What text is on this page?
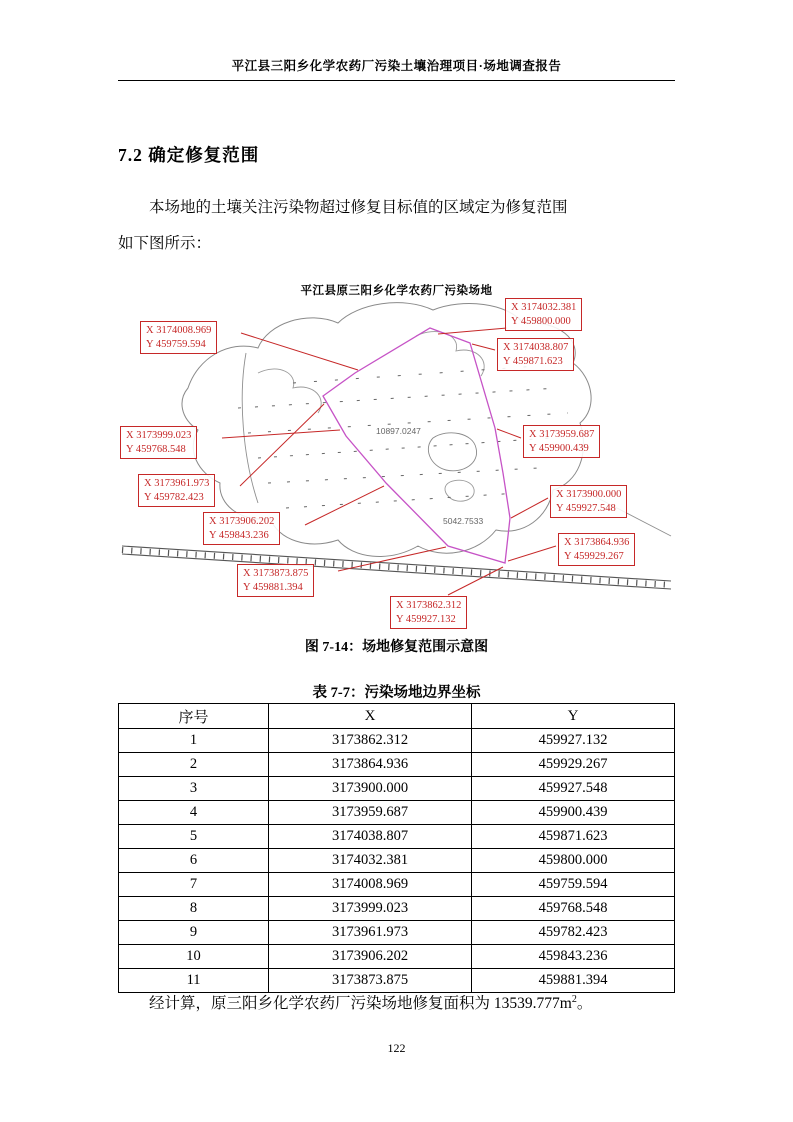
平江县三阳乡化学农药厂污染土壤治理项目·场地调查报告
7.2 确定修复范围
本场地的土壤关注污染物超过修复目标值的区域定为修复范围
如下图所示：
平江县原三阳乡化学农药厂污染场地
X 3174032.381
Y 459800.000
X 3174008.969
Y 459759.594	X 3174038.807
Y 459871.623
X 3173999.023
Y 459768.548
X 3173959.687
Y 459900.439
X 3173961.973
Y 459782.423	X 3173900.000
Y 459927.548
X 3173906.202
Y 459843.236
X 3173864.936
Y 459929.267
X 3173873.875
Y 459881.394
X 3173862.312
Y 459927.132
10897.0247
5042.7533
图 7-14：场地修复范围示意图
表 7-7：污染场地边界坐标
序号	X	Y
1	3173862.312	459927.132
2	3173864.936	459929.267
3	3173900.000	459927.548
4	3173959.687	459900.439
5	3174038.807	459871.623
6	3174032.381	459800.000
7	3174008.969	459759.594
8	3173999.023	459768.548
9	3173961.973	459782.423
10	3173906.202	459843.236
11	3173873.875	459881.394
经计算，原三阳乡化学农药厂污染场地修复面积为 $13539.777m^2$。
122
